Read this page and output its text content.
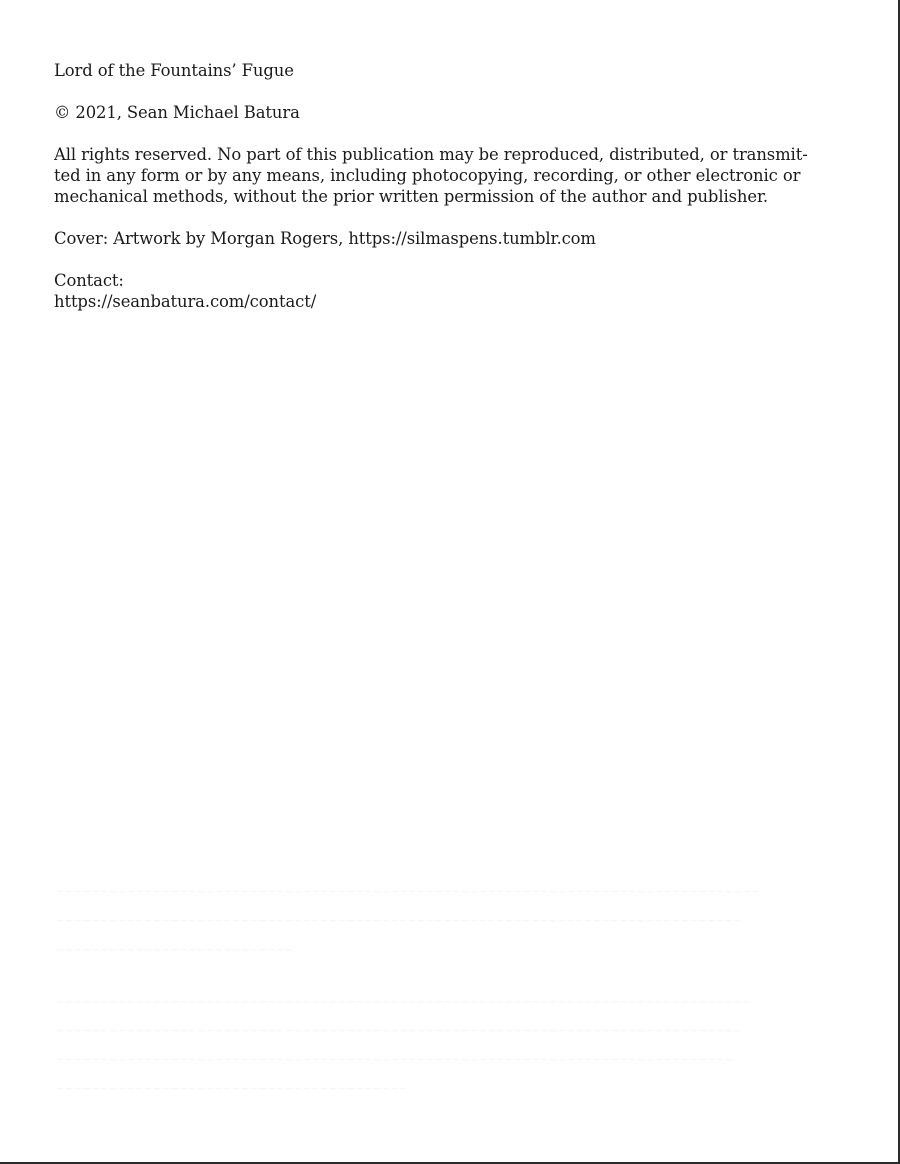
Lord of the Fountains’ Fugue
© 2021, Sean Michael Batura
All rights reserved. No part of this publication may be reproduced, distributed, or transmit-
ted in any form or by any means, including photocopying, recording, or other electronic or
mechanical methods, without the prior written permission of the author and publisher.
Cover: Artwork by Morgan Rogers, https://silmaspens.tumblr.com
Contact:
https://seanbatura.com/contact/
~~~~~~~~~~~~~~~~~~~~~~~~~~~~~~~~~~~~~~~~~~~~~~~~~~~~~~~~~~~~~~~~~~~~~~~~~~~~~~~~
~~~~~~~~~~~~~~~~~~~~~~~~~~~~~~~~~~~~~~~~~~~~~~~~~~~~~~~~~~~~~~~~~~~~~~~~~~~~~~
~~~~~~~~~~~~~~~~~~~~~~~~~~~
~~~~~~~~~~~~~~~~~~~~~~~~~~~~~~~~~~~~~~~~~~~~~~~~~~~~~~~~~~~~~~~~~~~~~~~~~~~~~~~
~~~~~~~~~~~~~~~~~~~~~~~~~~~~~~~~~~~~~~~~~~~~~~~~~~~~~~~~~~~~~~~~~~~~~~~~~~~~~~
~~~~~~~~~~~~~~~~~~~~~~~~~~~~~~~~~~~~~~~~~~~~~~~~~~~~~~~~~~~~~~~~~~~~~~~~~~~~~
~~~~~~~~~~~~~~~~~~~~~~~~~~~~~~~~~~~~~~~~
